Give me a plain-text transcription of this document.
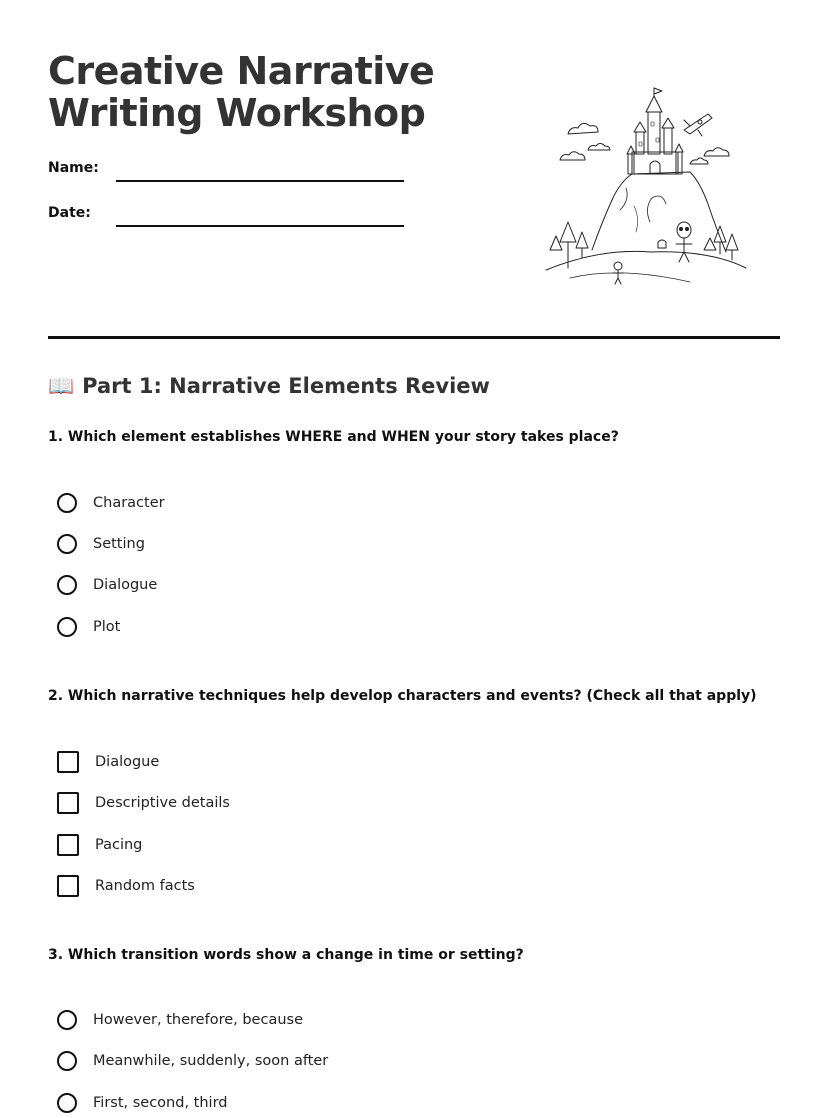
Creative Narrative
Writing Workshop
Name:
Date:
📖 Part 1: Narrative Elements Review

1. Which element establishes WHERE and WHEN your story takes place?

Character
Setting
Dialogue
Plot

2. Which narrative techniques help develop characters and events? (Check all that apply)

Dialogue
Descriptive details
Pacing
Random facts

3. Which transition words show a change in time or setting?

However, therefore, because
Meanwhile, suddenly, soon after
First, second, third
